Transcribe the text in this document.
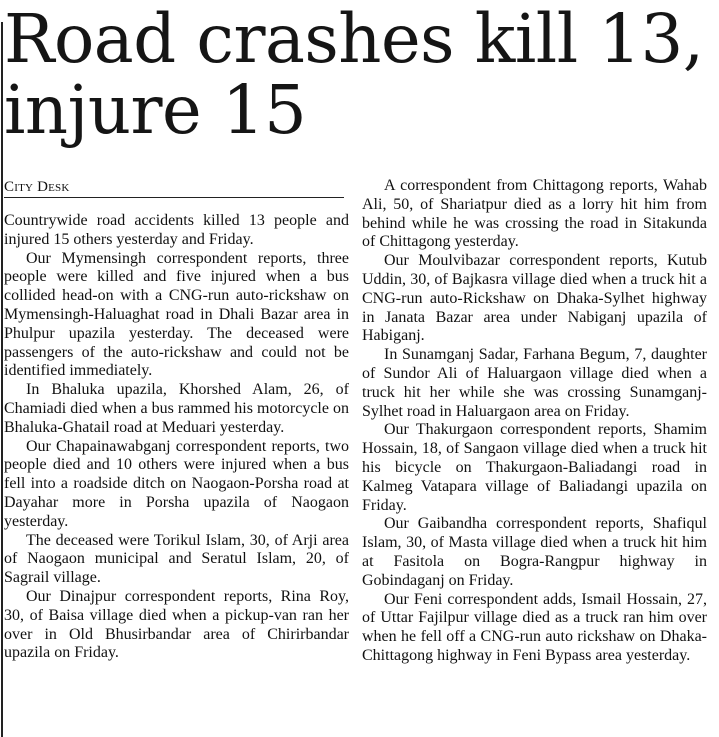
Road crashes kill 13,
injure 15
City Desk

Countrywide road accidents killed 13 people and injured 15 others yesterday and Friday.

Our Mymensingh correspondent reports, three people were killed and five injured when a bus collided head-on with a CNG-run auto-rickshaw on Mymensingh-Haluaghat road in Dhali Bazar area in Phulpur upazila yesterday. The deceased were passengers of the auto-rickshaw and could not be identified immediately.

In Bhaluka upazila, Khorshed Alam, 26, of Chamiadi died when a bus rammed his motorcycle on Bhaluka-Ghatail road at Meduari yesterday.

Our Chapainawabganj correspondent reports, two people died and 10 others were injured when a bus fell into a roadside ditch on Naogaon-Porsha road at Dayahar more in Porsha upazila of Naogaon yesterday.

The deceased were Torikul Islam, 30, of Arji area of Naogaon municipal and Seratul Islam, 20, of Sagrail village.

Our Dinajpur correspondent reports, Rina Roy, 30, of Baisa village died when a pickup-van ran her over in Old Bhusirbandar area of Chirirbandar upazila on Friday.

A correspondent from Chittagong reports, Wahab Ali, 50, of Shariatpur died as a lorry hit him from behind while he was crossing the road in Sitakunda of Chittagong yesterday.

Our Moulvibazar correspondent reports, Kutub Uddin, 30, of Bajkasra village died when a truck hit a CNG-run auto-Rickshaw on Dhaka-Sylhet highway in Janata Bazar area under Nabiganj upazila of Habiganj.

In Sunamganj Sadar, Farhana Begum, 7, daughter of Sundor Ali of Haluargaon village died when a truck hit her while she was crossing Sunamganj-Sylhet road in Haluargaon area on Friday.

Our Thakurgaon correspondent reports, Shamim Hossain, 18, of Sangaon village died when a truck hit his bicycle on Thakurgaon-Baliadangi road in Kalmeg Vatapara village of Baliadangi upazila on Friday.

Our Gaibandha correspondent reports, Shafiqul Islam, 30, of Masta village died when a truck hit him at Fasitola on Bogra-Rangpur highway in Gobindaganj on Friday.

Our Feni correspondent adds, Ismail Hossain, 27, of Uttar Fajilpur village died as a truck ran him over when he fell off a CNG-run auto rickshaw on Dhaka-Chittagong highway in Feni Bypass area yesterday.
